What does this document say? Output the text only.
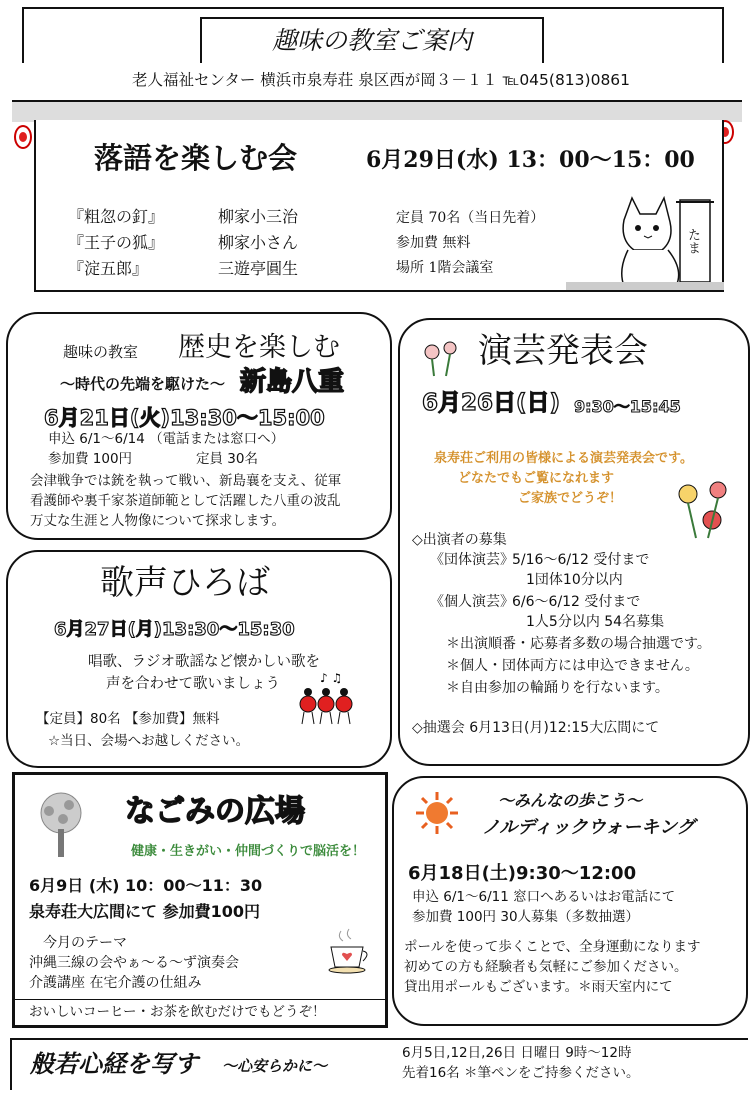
趣味の教室ご案内
老人福祉センター 横浜市泉寿荘 泉区西が岡３－１１ ℡045(813)0861
落語を楽しむ会	6月29日(水) 13：00～15：00
『粗忽の釘』	柳家小三治
『王子の狐』	柳家小さん
『淀五郎』	三遊亭圓生
定員 70名（当日先着）
参加費 無料
場所 1階会議室
たま
趣味の教室 歴史を楽しむ
～時代の先端を駆けた～ 新島八重
6月21日(火)13:30～15:00
申込 6/1～6/14 （電話または窓口へ）
参加費 100円	定員 30名
会津戦争では銃を執って戦い、新島襄を支え、従軍
看護師や裏千家茶道師範として活躍した八重の波乱
万丈な生涯と人物像について探求します。
演芸発表会
6月26日(日) 9:30～15:45
泉寿荘ご利用の皆様による演芸発表会です。
どなたでもご覧になれます
ご家族でどうぞ！
◇出演者の募集
《団体演芸》
5/16～6/12 受付まで
1団体10分以内
《個人演芸》
6/6～6/12 受付まで
1人5分以内 54名募集
＊出演順番・応募者多数の場合抽選です。
＊個人・団体両方には申込できません。
＊自由参加の輪踊りを行ないます。
◇抽選会 6月13日(月)12:15大広間にて
歌声ひろば
6月27日(月)13:30～15:30
唱歌、ラジオ歌謡など懐かしい歌を
声を合わせて歌いましょう	♪ ♫
【定員】80名 【参加費】無料
☆当日、会場へお越しください。
なごみの広場
健康・生きがい・仲間づくりで脳活を！
6月9日 (木) 10：00～11：30
泉寿荘大広間にて 参加費100円
今月のテーマ
沖縄三線の会やぁ～る～ず演奏会
介護講座 在宅介護の仕組み
おいしいコーヒー・お茶を飲むだけでもどうぞ！
～みんなの歩こう～
ノルディックウォーキング
6月18日(土)9:30～12:00
申込 6/1～6/11 窓口へあるいはお電話にて
参加費 100円 30人募集（多数抽選）
ポールを使って歩くことで、全身運動になります
初めての方も経験者も気軽にご参加ください。
貸出用ポールもございます。＊雨天室内にて
般若心経を写す ～心安らかに～
6月5日,12日,26日 日曜日 9時～12時
先着16名 ＊筆ペンをご持参ください。
